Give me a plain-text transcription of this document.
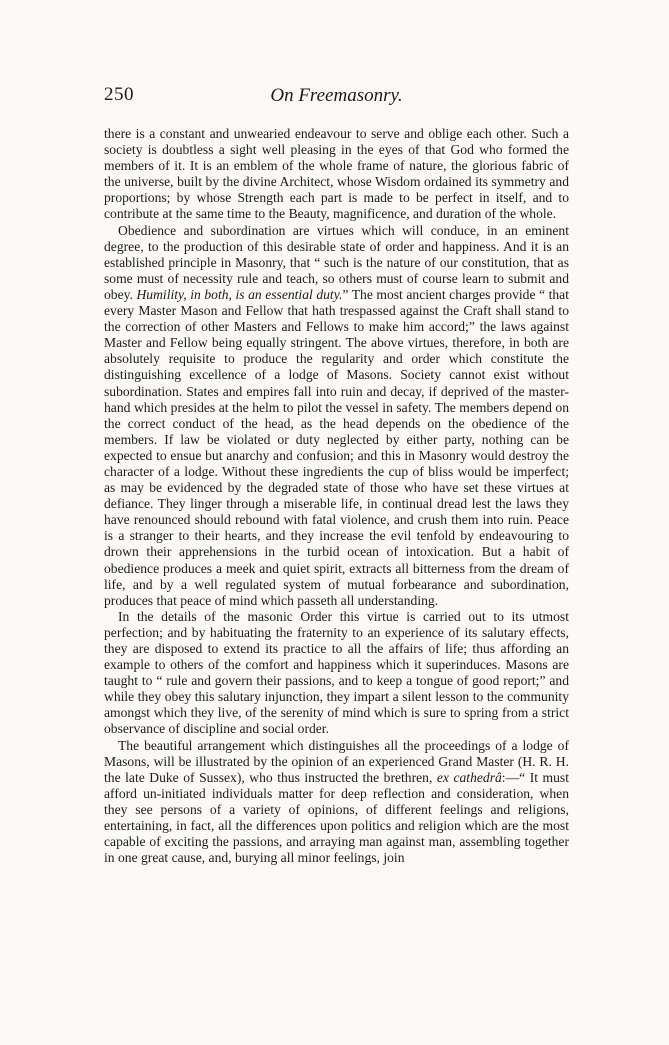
250	On Freemasonry.

there is a constant and unwearied endeavour to serve and oblige each other. Such a society is doubtless a sight well pleasing in the eyes of that God who formed the members of it. It is an emblem of the whole frame of nature, the glorious fabric of the universe, built by the divine Architect, whose Wisdom ordained its symmetry and proportions; by whose Strength each part is made to be perfect in itself, and to contribute at the same time to the Beauty, magnificence, and duration of the whole.

Obedience and subordination are virtues which will conduce, in an eminent degree, to the production of this desirable state of order and happiness. And it is an established principle in Masonry, that “ such is the nature of our constitution, that as some must of necessity rule and teach, so others must of course learn to submit and obey. Humility, in both, is an essential duty.” The most ancient charges provide “ that every Master Mason and Fellow that hath trespassed against the Craft shall stand to the correction of other Masters and Fellows to make him accord;” the laws against Master and Fellow being equally stringent. The above virtues, therefore, in both are absolutely requisite to produce the regularity and order which constitute the distinguishing excellence of a lodge of Masons. Society cannot exist without subordination. States and empires fall into ruin and decay, if deprived of the master-hand which presides at the helm to pilot the vessel in safety. The members depend on the correct conduct of the head, as the head depends on the obedience of the members. If law be violated or duty neglected by either party, nothing can be expected to ensue but anarchy and confusion; and this in Masonry would destroy the character of a lodge. Without these ingredients the cup of bliss would be imperfect; as may be evidenced by the degraded state of those who have set these virtues at defiance. They linger through a miserable life, in continual dread lest the laws they have renounced should rebound with fatal violence, and crush them into ruin. Peace is a stranger to their hearts, and they increase the evil tenfold by endeavouring to drown their apprehensions in the turbid ocean of intoxication. But a habit of obedience produces a meek and quiet spirit, extracts all bitterness from the dream of life, and by a well regulated system of mutual forbearance and subordination, produces that peace of mind which passeth all understanding.

In the details of the masonic Order this virtue is carried out to its utmost perfection; and by habituating the fraternity to an experience of its salutary effects, they are disposed to extend its practice to all the affairs of life; thus affording an example to others of the comfort and happiness which it superinduces. Masons are taught to “ rule and govern their passions, and to keep a tongue of good report;” and while they obey this salutary injunction, they impart a silent lesson to the community amongst which they live, of the serenity of mind which is sure to spring from a strict observance of discipline and social order.

The beautiful arrangement which distinguishes all the proceedings of a lodge of Masons, will be illustrated by the opinion of an experienced Grand Master (H. R. H. the late Duke of Sussex), who thus instructed the brethren, ex cathedrâ:—“ It must afford un-initiated individuals matter for deep reflection and consideration, when they see persons of a variety of opinions, of different feelings and religions, entertaining, in fact, all the differences upon politics and religion which are the most capable of exciting the passions, and arraying man against man, assembling together in one great cause, and, burying all minor feelings, join
